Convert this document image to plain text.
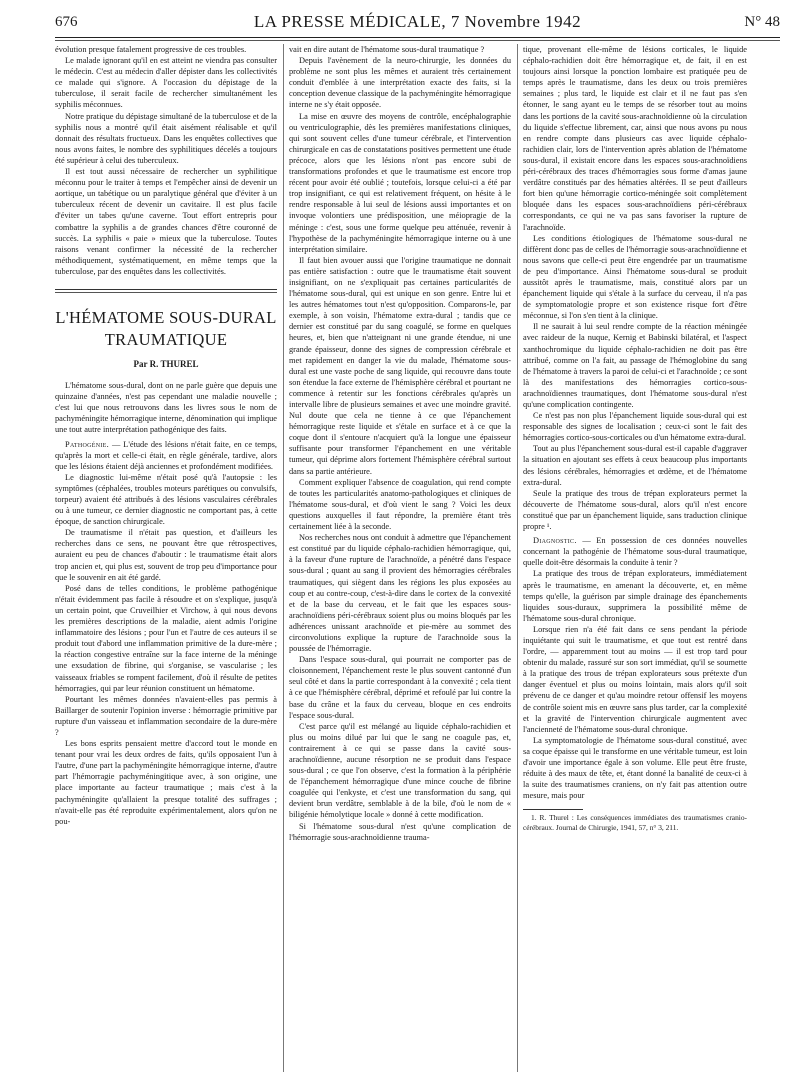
676	LA PRESSE MÉDICALE, 7 Novembre 1942	N° 48

évolution presque fatalement progressive de ces troubles.

Le malade ignorant qu'il en est atteint ne viendra pas consulter le médecin. C'est au médecin d'aller dépister dans les collectivités ce malade qui s'ignore. A l'occasion du dépistage de la tuberculose, il serait facile de rechercher simultanément les syphilis méconnues.

Notre pratique du dépistage simultané de la tuberculose et de la syphilis nous a montré qu'il était aisément réalisable et qu'il donnait des résultats fructueux. Dans les enquêtes collectives que nous avons faites, le nombre des syphilitiques décelés a toujours été supérieur à celui des tuberculeux.

Il est tout aussi nécessaire de rechercher un syphilitique méconnu pour le traiter à temps et l'empêcher ainsi de devenir un aortique, un tabétique ou un paralytique général que d'éviter à un tuberculeux récent de devenir un cavitaire. Il est plus facile d'éviter un tabes qu'une caverne. Tout effort entrepris pour combattre la syphilis a de grandes chances d'être couronné de succès. La syphilis « paie » mieux que la tuberculose. Toutes raisons venant confirmer la nécessité de la rechercher méthodiquement, systématiquement, en même temps que la tuberculose, par des enquêtes dans les collectivités.

L'HÉMATOME SOUS-DURAL
TRAUMATIQUE
Par R. THUREL

L'hématome sous-dural, dont on ne parle guère que depuis une quinzaine d'années, n'est pas cependant une maladie nouvelle ; c'est lui que nous retrouvons dans les livres sous le nom de pachyméningite hémorragique interne, dénomination qui implique une tout autre interprétation pathogénique des faits.

Pathogénie. — L'étude des lésions n'était faite, en ce temps, qu'après la mort et celle-ci était, en règle générale, tardive, alors que les lésions étaient déjà anciennes et profondément modifiées.

Le diagnostic lui-même n'était posé qu'à l'autopsie : les symptômes (céphalées, troubles moteurs parétiques ou convulsifs, torpeur) avaient été attribués à des lésions vasculaires cérébrales ou à une tumeur, ce dernier diagnostic ne comportant pas, à cette époque, de sanction chirurgicale.

De traumatisme il n'était pas question, et d'ailleurs les recherches dans ce sens, ne pouvant être que rétrospectives, auraient eu peu de chances d'aboutir : le traumatisme était alors trop ancien et, qui plus est, souvent de trop peu d'importance pour que le souvenir en ait été gardé.

Posé dans de telles conditions, le problème pathogénique n'était évidemment pas facile à résoudre et on s'explique, jusqu'à un certain point, que Cruveilhier et Virchow, à qui nous devons les premières descriptions de la maladie, aient admis l'origine inflammatoire des lésions ; pour l'un et l'autre de ces auteurs il se produit tout d'abord une inflammation primitive de la dure-mère ; la réaction congestive entraîne sur la face interne de la méninge une exsudation de fibrine, qui s'organise, se vascularise ; les vaisseaux friables se rompent facilement, d'où il résulte de petites hémorragies, qui par leur réunion constituent un hématome.

Pourtant les mêmes données n'avaient-elles pas permis à Baillarger de soutenir l'opinion inverse : hémorragie primitive par rupture d'un vaisseau et inflammation secondaire de la dure-mère ?

Les bons esprits pensaient mettre d'accord tout le monde en tenant pour vrai les deux ordres de faits, qu'ils opposaient l'un à l'autre, d'une part la pachyméningite hémorragique interne, d'autre part l'hémorragie pachyméningitique avec, à son origine, une place importante au facteur traumatique ; mais c'est à la pachyméningite qu'allaient la presque totalité des suffrages ; n'avait-elle pas été reproduite expérimentalement, alors qu'on ne pou-

vait en dire autant de l'hématome sous-dural traumatique ?

Depuis l'avènement de la neuro-chirurgie, les données du problème ne sont plus les mêmes et auraient très certainement conduit d'emblée à une interprétation exacte des faits, si la conception devenue classique de la pachyméningite hémorragique interne ne s'y était opposée.

La mise en œuvre des moyens de contrôle, encéphalographie ou ventriculographie, dès les premières manifestations cliniques, qui sont souvent celles d'une tumeur cérébrale, et l'intervention chirurgicale en cas de constatations positives permettent une étude précoce, alors que les lésions n'ont pas encore subi de transformations profondes et que le traumatisme est encore trop récent pour avoir été oublié ; toutefois, lorsque celui-ci a été par trop insignifiant, ce qui est relativement fréquent, on hésite à le rendre responsable à lui seul de lésions aussi importantes et on invoque volontiers une prédisposition, une méiopragie de la méninge : c'est, sous une forme quelque peu atténuée, revenir à l'hypothèse de la pachyméningite hémorragique interne ou à une interprétation similaire.

Il faut bien avouer aussi que l'origine traumatique ne donnait pas entière satisfaction : outre que le traumatisme était souvent insignifiant, on ne s'expliquait pas certaines particularités de l'hématome sous-dural, qui est unique en son genre. Entre lui et les autres hématomes tout n'est qu'opposition. Comparons-le, par exemple, à son voisin, l'hématome extra-dural ; tandis que ce dernier est constitué par du sang coagulé, se forme en quelques heures, et, bien que n'atteignant ni une grande étendue, ni une grande épaisseur, donne des signes de compression cérébrale et met rapidement en danger la vie du malade, l'hématome sous-dural est une vaste poche de sang liquide, qui recouvre dans toute son étendue la face externe de l'hémisphère cérébral et pourtant ne commence à retentir sur les fonctions cérébrales qu'après un intervalle libre de plusieurs semaines et avec une moindre gravité. Nul doute que cela ne tienne à ce que l'épanchement hémorragique reste liquide et s'étale en surface et à ce que la coque dont il s'entoure n'acquiert qu'à la longue une épaisseur suffisante pour transformer l'épanchement en une véritable tumeur, qui déprime alors fortement l'hémisphère cérébral surtout dans sa partie antérieure.

Comment expliquer l'absence de coagulation, qui rend compte de toutes les particularités anatomo-pathologiques et cliniques de l'hématome sous-dural, et d'où vient le sang ? Voici les deux questions auxquelles il faut répondre, la première étant très certainement liée à la seconde.

Nos recherches nous ont conduit à admettre que l'épanchement est constitué par du liquide céphalo-rachidien hémorragique, qui, à la faveur d'une rupture de l'arachnoïde, a pénétré dans l'espace sous-dural ; quant au sang il provient des hémorragies cérébrales traumatiques, qui siègent dans les régions les plus exposées au coup et au contre-coup, c'est-à-dire dans le cortex de la convexité et de la base du cerveau, et le fait que les espaces sous-arachnoïdiens péri-cérébraux soient plus ou moins bloqués par les adhérences unissant arachnoïde et pie-mère au sommet des circonvolutions explique la rupture de l'arachnoïde sous la poussée de l'hémorragie.

Dans l'espace sous-dural, qui pourrait ne comporter pas de cloisonnement, l'épanchement reste le plus souvent cantonné d'un seul côté et dans la partie correspondant à la convexité ; cela tient à ce que l'hémisphère cérébral, déprimé et refoulé par lui contre la base du crâne et la faux du cerveau, bloque en ces endroits l'espace sous-dural.

C'est parce qu'il est mélangé au liquide céphalo-rachidien et plus ou moins dilué par lui que le sang ne coagule pas, et, contrairement à ce qui se passe dans la cavité sous-arachnoïdienne, aucune résorption ne se produit dans l'espace sous-dural ; ce que l'on observe, c'est la formation à la périphérie de l'épanchement hémorragique d'une mince couche de fibrine coagulée qui l'enkyste, et c'est une transformation du sang, qui devient brun verdâtre, semblable à de la bile, d'où le nom de « biligénie hémolytique locale » donné à cette modification.

Si l'hématome sous-dural n'est qu'une complication de l'hémorragie sous-arachnoïdienne trauma-

tique, provenant elle-même de lésions corticales, le liquide céphalo-rachidien doit être hémorragique et, de fait, il en est toujours ainsi lorsque la ponction lombaire est pratiquée peu de temps après le traumatisme, dans les deux ou trois premières semaines ; plus tard, le liquide est clair et il ne faut pas s'en étonner, le sang ayant eu le temps de se résorber tout au moins dans les portions de la cavité sous-arachnoïdienne où la circulation du liquide s'effectue librement, car, ainsi que nous avons pu nous en rendre compte dans plusieurs cas avec liquide céphalo-rachidien clair, lors de l'intervention après ablation de l'hématome sous-dural, il existait encore dans les espaces sous-arachnoïdiens péri-cérébraux des traces d'hémorragies sous forme d'amas jaune verdâtre constitués par des hématies altérées. Il se peut d'ailleurs fort bien qu'une hémorragie cortico-méningée soit complètement bloquée dans les espaces sous-arachnoïdiens péri-cérébraux correspondants, ce qui ne va pas sans favoriser la rupture de l'arachnoïde.

Les conditions étiologiques de l'hématome sous-dural ne diffèrent donc pas de celles de l'hémorragie sous-arachnoïdienne et nous savons que celle-ci peut être engendrée par un traumatisme de peu d'importance. Ainsi l'hématome sous-dural se produit aussitôt après le traumatisme, mais, constitué alors par un épanchement liquide qui s'étale à la surface du cerveau, il n'a pas de symptomatologie propre et son existence risque fort d'être méconnue, si l'on s'en tient à la clinique.

Il ne saurait à lui seul rendre compte de la réaction méningée avec raideur de la nuque, Kernig et Babinski bilatéral, et l'aspect xanthochromique du liquide céphalo-rachidien ne doit pas être attribué, comme on l'a fait, au passage de l'hémoglobine du sang de l'hématome à travers la paroi de celui-ci et l'arachnoïde ; ce sont là des manifestations des hémorragies cortico-sous-arachnoïdiennes traumatiques, dont l'hématome sous-dural n'est qu'une complication contingente.

Ce n'est pas non plus l'épanchement liquide sous-dural qui est responsable des signes de localisation ; ceux-ci sont le fait des hémorragies cortico-sous-corticales ou d'un hématome extra-dural.

Tout au plus l'épanchement sous-dural est-il capable d'aggraver la situation en ajoutant ses effets à ceux beaucoup plus importants des lésions cérébrales, hémorragies et œdème, et de l'hématome extra-dural.

Seule la pratique des trous de trépan explorateurs permet la découverte de l'hématome sous-dural, alors qu'il n'est encore constitué que par un épanchement liquide, sans traduction clinique propre ¹.

Diagnostic. — En possession de ces données nouvelles concernant la pathogénie de l'hématome sous-dural traumatique, quelle doit-être désormais la conduite à tenir ?

La pratique des trous de trépan explorateurs, immédiatement après le traumatisme, en amenant la découverte, et, en même temps qu'elle, la guérison par simple drainage des épanchements liquides sous-duraux, supprimera la possibilité même de l'hématome sous-dural chronique.

Lorsque rien n'a été fait dans ce sens pendant la période inquiétante qui suit le traumatisme, et que tout est rentré dans l'ordre, — apparemment tout au moins — il est trop tard pour obtenir du malade, rassuré sur son sort immédiat, qu'il se soumette à la pratique des trous de trépan explorateurs sous prétexte d'un danger éventuel et plus ou moins lointain, mais alors qu'il soit prévenu de ce danger et qu'au moindre retour offensif les moyens de contrôle soient mis en œuvre sans plus tarder, car la complexité et la gravité de l'intervention chirurgicale augmentent avec l'ancienneté de l'hématome sous-dural chronique.

La symptomatologie de l'hématome sous-dural constitué, avec sa coque épaisse qui le transforme en une véritable tumeur, est loin d'avoir une importance égale à son volume. Elle peut être fruste, réduite à des maux de tête, et, étant donné la banalité de ceux-ci à la suite des traumatismes craniens, on n'y fait pas attention outre mesure, mais pour

1. R. Thurel : Les conséquences immédiates des traumatismes cranio-cérébraux. Journal de Chirurgie, 1941, 57, n° 3, 211.
